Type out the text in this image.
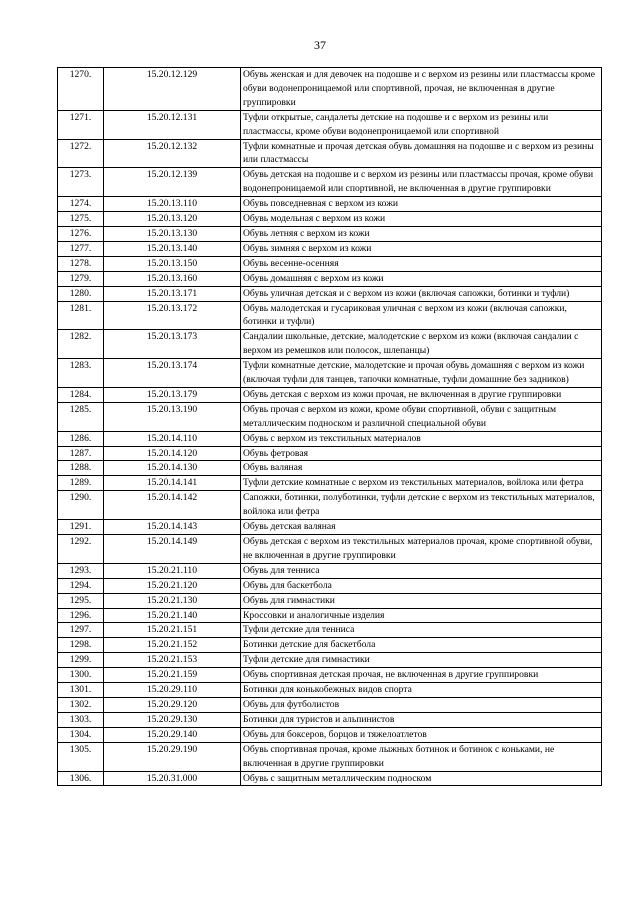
37
1270.	15.20.12.129	Обувь женская и для девочек на подошве и с верхом из резины или пластмассы кроме обуви водонепроницаемой или спортивной, прочая, не включенная в другие группировки
1271.	15.20.12.131	Туфли открытые, сандалеты детские на подошве и с верхом из резины или пластмассы, кроме обуви водонепроницаемой или спортивной
1272.	15.20.12.132	Туфли комнатные и прочая детская обувь домашняя на подошве и с верхом из резины или пластмассы
1273.	15.20.12.139	Обувь детская на подошве и с верхом из резины или пластмассы прочая, кроме обуви водонепроницаемой или спортивной, не включенная в другие группировки
1274.	15.20.13.110	Обувь повседневная с верхом из кожи
1275.	15.20.13.120	Обувь модельная с верхом из кожи
1276.	15.20.13.130	Обувь летняя с верхом из кожи
1277.	15.20.13.140	Обувь зимняя с верхом из кожи
1278.	15.20.13.150	Обувь весенне-осенняя
1279.	15.20.13.160	Обувь домашняя с верхом из кожи
1280.	15.20.13.171	Обувь уличная детская и с верхом из кожи (включая сапожки, ботинки и туфли)
1281.	15.20.13.172	Обувь малодетская и гусариковая уличная с верхом из кожи (включая сапожки, ботинки и туфли)
1282.	15.20.13.173	Сандалии школьные, детские, малодетские с верхом из кожи (включая сандалии с верхом из ремешков или полосок, шлепанцы)
1283.	15.20.13.174	Туфли комнатные детские, малодетские и прочая обувь домашняя с верхом из кожи (включая туфли для танцев, тапочки комнатные, туфли домашние без задников)
1284.	15.20.13.179	Обувь детская с верхом из кожи прочая, не включенная в другие группировки
1285.	15.20.13.190	Обувь прочая с верхом из кожи, кроме обуви спортивной, обуви с защитным металлическим подноском и различной специальной обуви
1286.	15.20.14.110	Обувь с верхом из текстильных материалов
1287.	15.20.14.120	Обувь фетровая
1288.	15.20.14.130	Обувь валяная
1289.	15.20.14.141	Туфли детские комнатные с верхом из текстильных материалов, войлока или фетра
1290.	15.20.14.142	Сапожки, ботинки, полуботинки, туфли детские с верхом из текстильных материалов, войлока или фетра
1291.	15.20.14.143	Обувь детская валяная
1292.	15.20.14.149	Обувь детская с верхом из текстильных материалов прочая, кроме спортивной обуви, не включенная в другие группировки
1293.	15.20.21.110	Обувь для тенниса
1294.	15.20.21.120	Обувь для баскетбола
1295.	15.20.21.130	Обувь для гимнастики
1296.	15.20.21.140	Кроссовки и аналогичные изделия
1297.	15.20.21.151	Туфли детские для тенниса
1298.	15.20.21.152	Ботинки детские для баскетбола
1299.	15.20.21.153	Туфли детские для гимнастики
1300.	15.20.21.159	Обувь спортивная детская прочая, не включенная в другие группировки
1301.	15.20.29.110	Ботинки для конькобежных видов спорта
1302.	15.20.29.120	Обувь для футболистов
1303.	15.20.29.130	Ботинки для туристов и альпинистов
1304.	15.20.29.140	Обувь для боксеров, борцов и тяжелоатлетов
1305.	15.20.29.190	Обувь спортивная прочая, кроме лыжных ботинок и ботинок с коньками, не включенная в другие группировки
1306.	15.20.31.000	Обувь с защитным металлическим подноском
